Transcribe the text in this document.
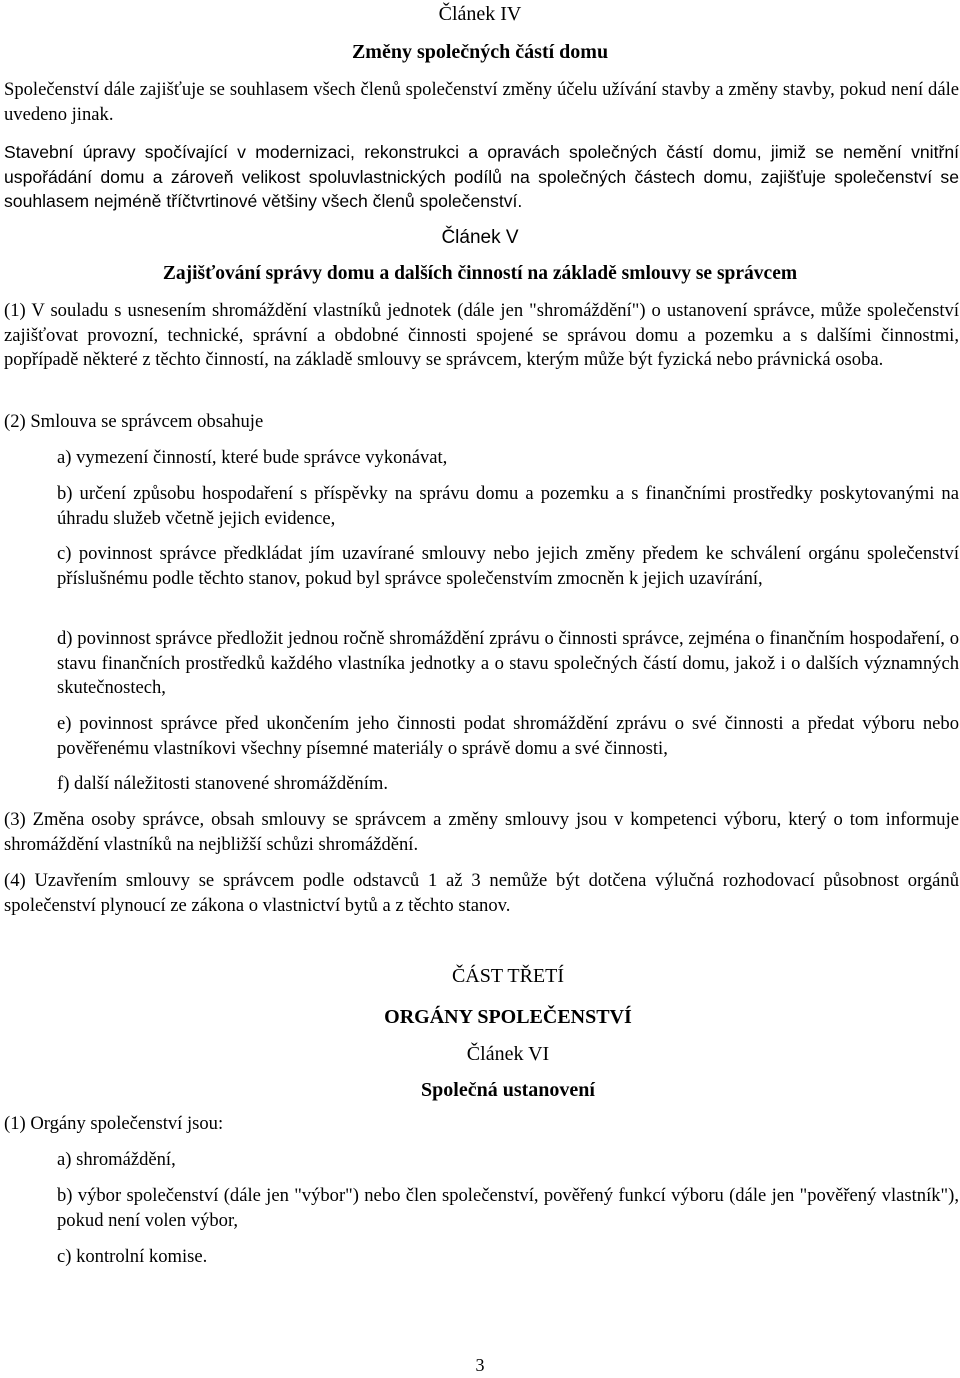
Článek IV
Změny společných částí domu
Společenství dále zajišťuje se souhlasem všech členů společenství změny účelu užívání stavby a změny stavby, pokud není dále uvedeno jinak.
Stavební úpravy spočívající v modernizaci, rekonstrukci a opravách společných částí domu, jimiž se nemění vnitřní uspořádání domu a zároveň velikost spoluvlastnických podílů na společných částech domu, zajišťuje společenství se souhlasem nejméně tříčtvrtinové většiny všech členů společenství.
Článek V
Zajišťování správy domu a dalších činností na základě smlouvy se správcem
(1) V souladu s usnesením shromáždění vlastníků jednotek (dále jen "shromáždění") o ustanovení správce, může společenství zajišťovat provozní, technické, správní a obdobné činnosti spojené se správou domu a pozemku a s dalšími činnostmi, popřípadě některé z těchto činností, na základě smlouvy se správcem, kterým může být fyzická nebo právnická osoba.
(2) Smlouva se správcem obsahuje
a) vymezení činností, které bude správce vykonávat,
b) určení způsobu hospodaření s příspěvky na správu domu a pozemku a s finančními prostředky poskytovanými na úhradu služeb včetně jejich evidence,
c) povinnost správce předkládat jím uzavírané smlouvy nebo jejich změny předem ke schválení orgánu společenství příslušnému podle těchto stanov, pokud byl správce společenstvím zmocněn k jejich uzavírání,
d) povinnost správce předložit jednou ročně shromáždění zprávu o činnosti správce, zejména o finančním hospodaření, o stavu finančních prostředků každého vlastníka jednotky a o stavu společných částí domu, jakož i o dalších významných skutečnostech,
e) povinnost správce před ukončením jeho činnosti podat shromáždění zprávu o své činnosti a předat výboru nebo pověřenému vlastníkovi všechny písemné materiály o správě domu a své činnosti,
f) další náležitosti stanovené shromážděním.
(3) Změna osoby správce, obsah smlouvy se správcem a změny smlouvy jsou v kompetenci výboru, který o tom informuje shromáždění vlastníků na nejbližší schůzi shromáždění.
(4) Uzavřením smlouvy se správcem podle odstavců 1 až 3 nemůže být dotčena výlučná rozhodovací působnost orgánů společenství plynoucí ze zákona o vlastnictví bytů a z těchto stanov.
ČÁST TŘETÍ
ORGÁNY SPOLEČENSTVÍ
Článek VI
Společná ustanovení
(1) Orgány společenství jsou:
a) shromáždění,
b) výbor společenství (dále jen "výbor") nebo člen společenství, pověřený funkcí výboru (dále jen "pověřený vlastník"), pokud není volen výbor,
c) kontrolní komise.
3
